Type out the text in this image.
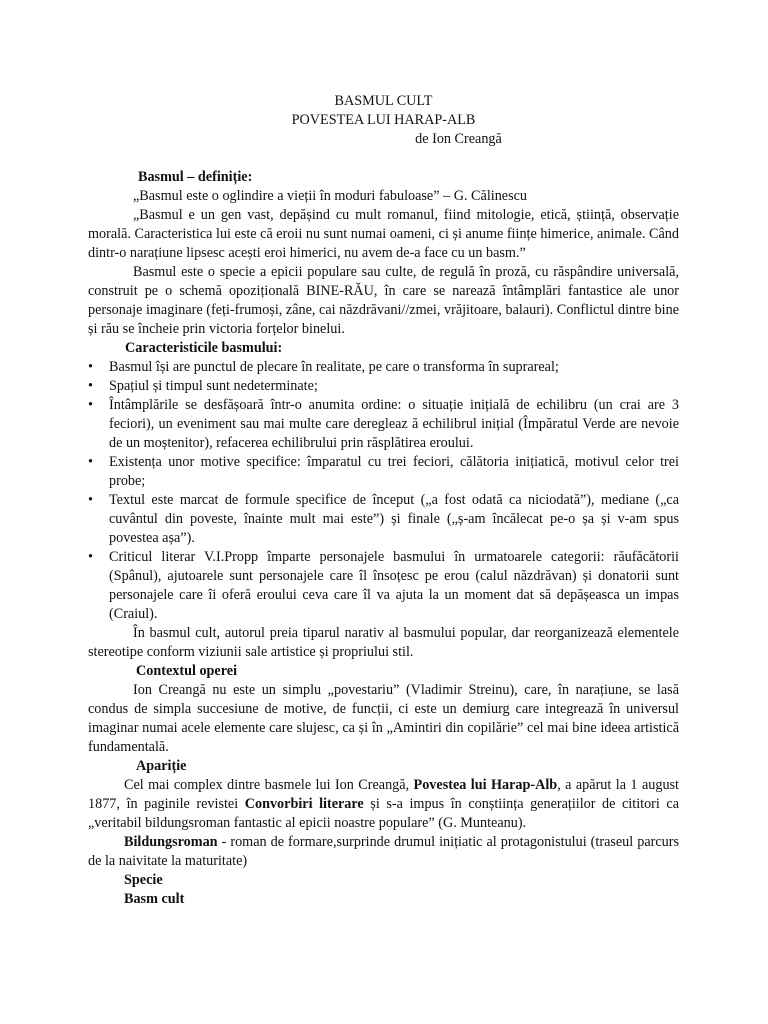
BASMUL CULT
POVESTEA LUI HARAP-ALB
de Ion Creangă
Basmul – definiție:
„Basmul este o oglindire a vieții în moduri fabuloase” – G. Călinescu

„Basmul e un gen vast, depășind cu mult romanul, fiind mitologie, etică, știință, observație morală. Caracteristica lui este că eroii nu sunt numai oameni, ci și anume ființe himerice, animale. Când dintr-o narațiune lipsesc acești eroi himerici, nu avem de-a face cu un basm.”

Basmul este o specie a epicii populare sau culte, de regulă în proză, cu răspândire universală, construit pe o schemă opozițională BINE-RĂU, în care se narează întâmplări fantastice ale unor personaje imaginare (feți-frumoși, zâne, cai năzdrăvani//zmei, vrăjitoare, balauri). Conflictul dintre bine și rău se încheie prin victoria forțelor binelui.

Caracteristicile basmului:
• Basmul își are punctul de plecare în realitate, pe care o transforma în suprareal;
• Spațiul și timpul sunt nedeterminate;
• Întâmplările se desfășoară într-o anumita ordine: o situație inițială de echilibru (un crai are 3 feciori), un eveniment sau mai multe care deregleaz ă echilibrul inițial (Împăratul Verde are nevoie de un moștenitor), refacerea echilibrului prin răsplătirea eroului.
• Existența unor motive specifice: împaratul cu trei feciori, călătoria inițiatică, motivul celor trei probe;
• Textul este marcat de formule specifice de început („a fost odată ca niciodată”), mediane („ca cuvântul din poveste, înainte mult mai este”) și finale („ș-am încălecat pe-o șa și v-am spus povestea așa”).
• Criticul literar V.I.Propp împarte personajele basmului în urmatoarele categorii: răufăcătorii (Spânul), ajutoarele sunt personajele care îl însoțesc pe erou (calul năzdrăvan) și donatorii sunt personajele care îi oferă eroului ceva care îl va ajuta la un moment dat să depășeasca un impas (Craiul).

În basmul cult, autorul preia tiparul narativ al basmului popular, dar reorganizează elementele stereotipe conform viziunii sale artistice și propriului stil.

Contextul operei

Ion Creangă nu este un simplu „povestariu” (Vladimir Streinu), care, în narațiune, se lasă condus de simpla succesiune de motive, de funcții, ci este un demiurg care integrează în universul imaginar numai acele elemente care slujesc, ca și în „Amintiri din copilărie” cel mai bine ideea artistică fundamentală.

Apariție

Cel mai complex dintre basmele lui Ion Creangă, Povestea lui Harap-Alb, a apărut la 1 august 1877, în paginile revistei Convorbiri literare și s-a impus în conștiința generațiilor de cititori ca „veritabil bildungsroman fantastic al epicii noastre populare” (G. Munteanu).

Bildungsroman - roman de formare,surprinde drumul inițiatic al protagonistului (traseul parcurs de la naivitate la maturitate)

Specie
Basm cult
